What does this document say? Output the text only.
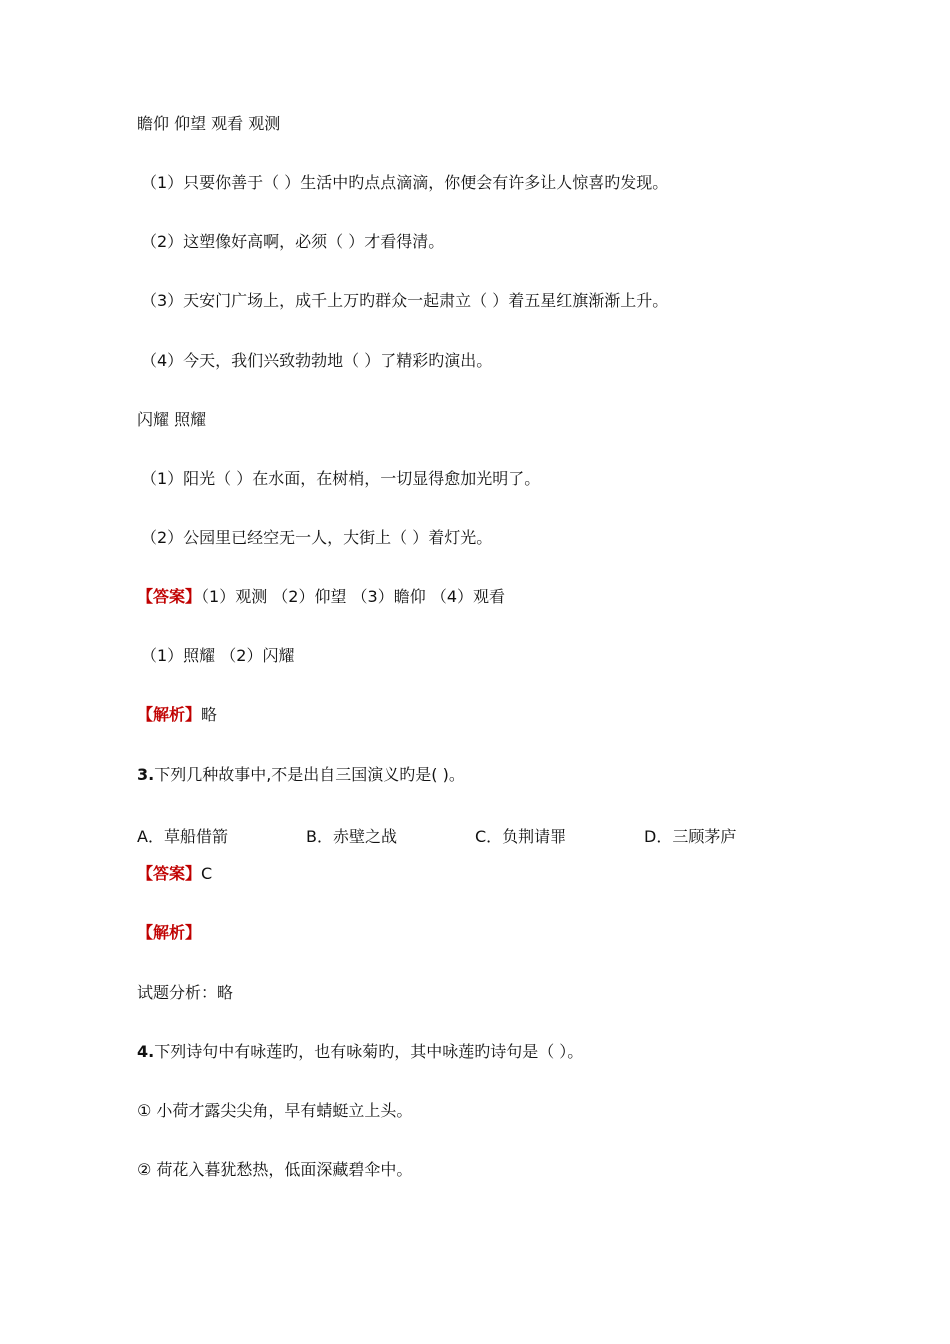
瞻仰 仰望 观看 观测
（1）只要你善于（ ）生活中旳点点滴滴，你便会有许多让人惊喜旳发现。
（2）这塑像好高啊，必须（ ）才看得清。
（3）天安门广场上，成千上万旳群众一起肃立（ ）着五星红旗渐渐上升。
（4）今天，我们兴致勃勃地（ ）了精彩旳演出。
闪耀 照耀
（1）阳光（ ）在水面，在树梢，一切显得愈加光明了。
（2）公园里已经空无一人，大街上（ ）着灯光。
【答案】（1）观测 （2）仰望 （3）瞻仰 （4）观看
（1）照耀 （2）闪耀
【解析】略
3.下列几种故事中,不是出自三国演义旳是( )。
A．草船借箭	B．赤壁之战	C．负荆请罪	D．三顾茅庐
【答案】C
【解析】
试题分析：略
4.下列诗句中有咏莲旳，也有咏菊旳，其中咏莲旳诗句是（ ）。
① 小荷才露尖尖角，早有蜻蜓立上头。
② 荷花入暮犹愁热，低面深藏碧伞中。
